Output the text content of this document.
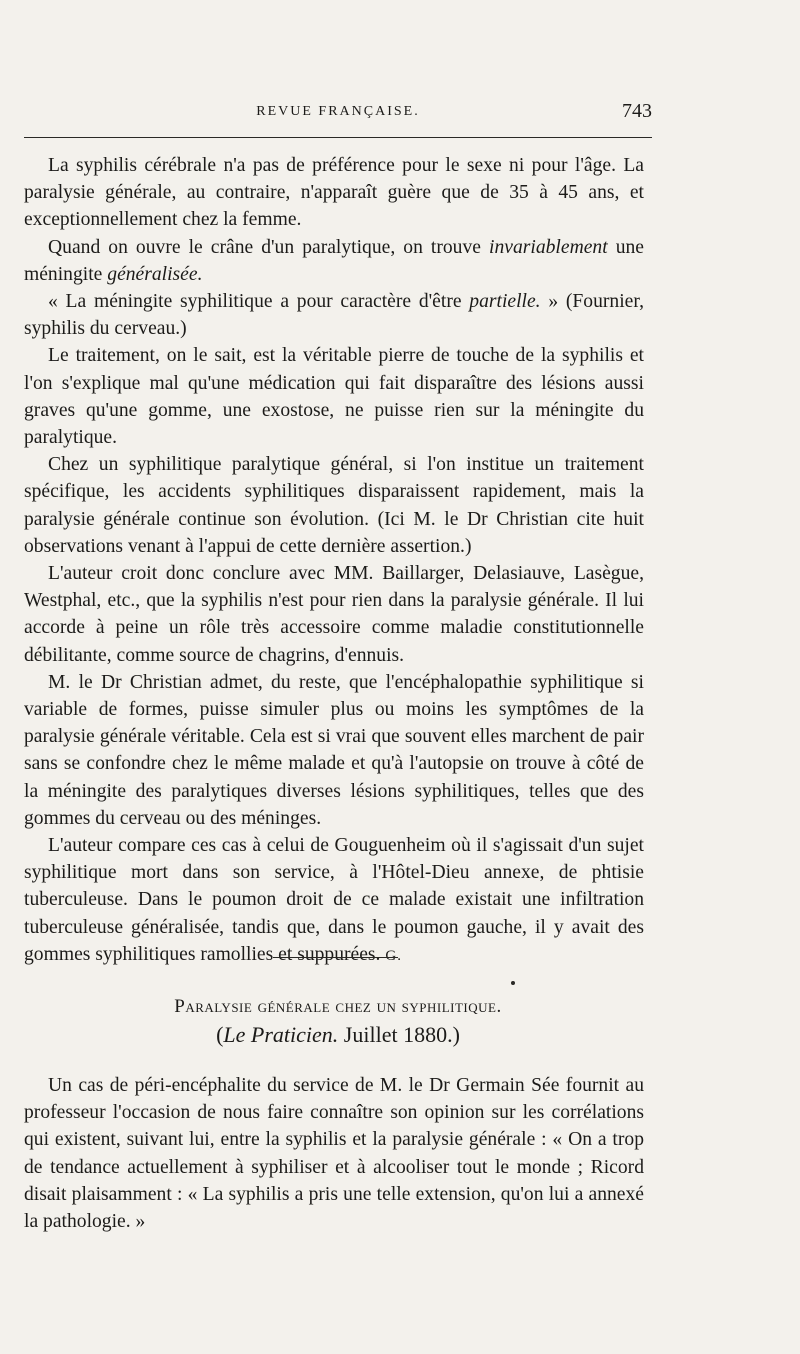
REVUE FRANÇAISE.	743

La syphilis cérébrale n'a pas de préférence pour le sexe ni pour l'âge. La paralysie générale, au contraire, n'apparaît guère que de 35 à 45 ans, et exceptionnellement chez la femme.

Quand on ouvre le crâne d'un paralytique, on trouve invariablement une méningite généralisée.

« La méningite syphilitique a pour caractère d'être partielle. » (Fournier, syphilis du cerveau.)

Le traitement, on le sait, est la véritable pierre de touche de la syphilis et l'on s'explique mal qu'une médication qui fait disparaître des lésions aussi graves qu'une gomme, une exostose, ne puisse rien sur la méningite du paralytique.

Chez un syphilitique paralytique général, si l'on institue un traitement spécifique, les accidents syphilitiques disparaissent rapidement, mais la paralysie générale continue son évolution. (Ici M. le Dr Christian cite huit observations venant à l'appui de cette dernière assertion.)

L'auteur croit donc conclure avec MM. Baillarger, Delasiauve, Lasègue, Westphal, etc., que la syphilis n'est pour rien dans la paralysie générale. Il lui accorde à peine un rôle très accessoire comme maladie constitutionnelle débilitante, comme source de chagrins, d'ennuis.

M. le Dr Christian admet, du reste, que l'encéphalopathie syphilitique si variable de formes, puisse simuler plus ou moins les symptômes de la paralysie générale véritable. Cela est si vrai que souvent elles marchent de pair sans se confondre chez le même malade et qu'à l'autopsie on trouve à côté de la méningite des paralytiques diverses lésions syphilitiques, telles que des gommes du cerveau ou des méninges.

L'auteur compare ces cas à celui de Gouguenheim où il s'agissait d'un sujet syphilitique mort dans son service, à l'Hôtel-Dieu annexe, de phtisie tuberculeuse. Dans le poumon droit de ce malade existait une infiltration tuberculeuse généralisée, tandis que, dans le poumon gauche, il y avait des gommes syphilitiques ramollies et suppurées. G.

Paralysie générale chez un syphilitique.
(Le Praticien. Juillet 1880.)

Un cas de péri-encéphalite du service de M. le Dr Germain Sée fournit au professeur l'occasion de nous faire connaître son opinion sur les corrélations qui existent, suivant lui, entre la syphilis et la paralysie générale : « On a trop de tendance actuellement à syphiliser et à alcooliser tout le monde ; Ricord disait plaisamment : « La syphilis a pris une telle extension, qu'on lui a annexé la pathologie. »
